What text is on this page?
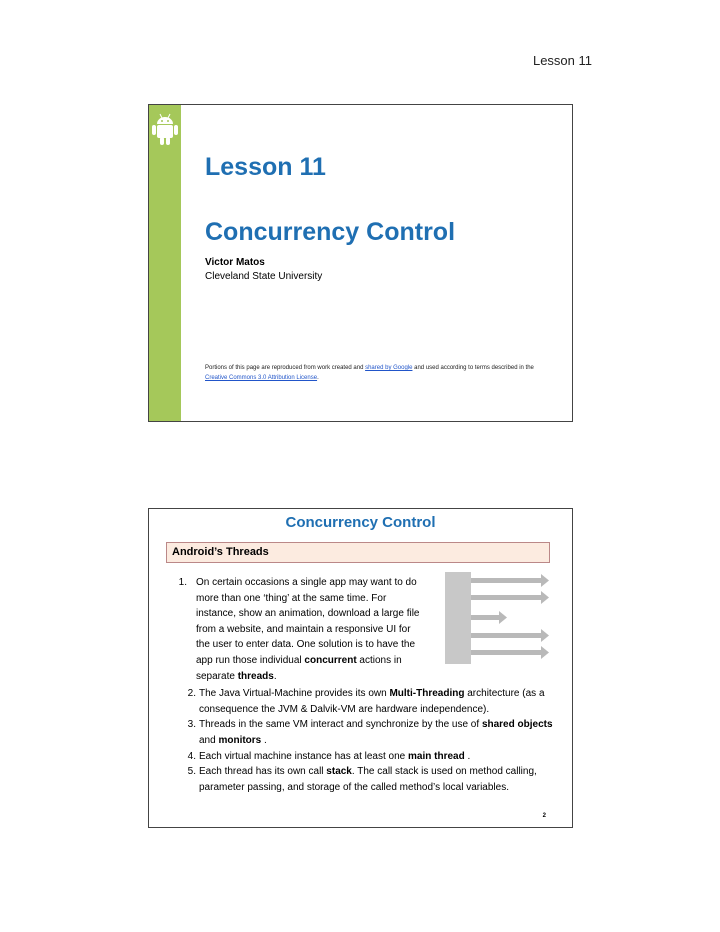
Lesson 11
Lesson 11
Concurrency Control
Victor Matos
Cleveland State University
Portions of this page are reproduced from work created and shared by Google and used according to terms described in the Creative Commons 3.0 Attribution License.
Concurrency Control
Android’s Threads
1. On certain occasions a single app may want to do more than one ‘thing’ at the same time. For instance, show an animation, download a large file from a website, and maintain a responsive UI for the user to enter data. One solution is to have the app run those individual concurrent actions in separate threads.
2. The Java Virtual-Machine provides its own Multi-Threading architecture (as a consequence the JVM & Dalvik-VM are hardware independence).
3. Threads in the same VM interact and synchronize by the use of shared objects and monitors .
4. Each virtual machine instance has at least one main thread .
5. Each thread has its own call stack. The call stack is used on method calling, parameter passing, and storage of the called method’s local variables.
2
